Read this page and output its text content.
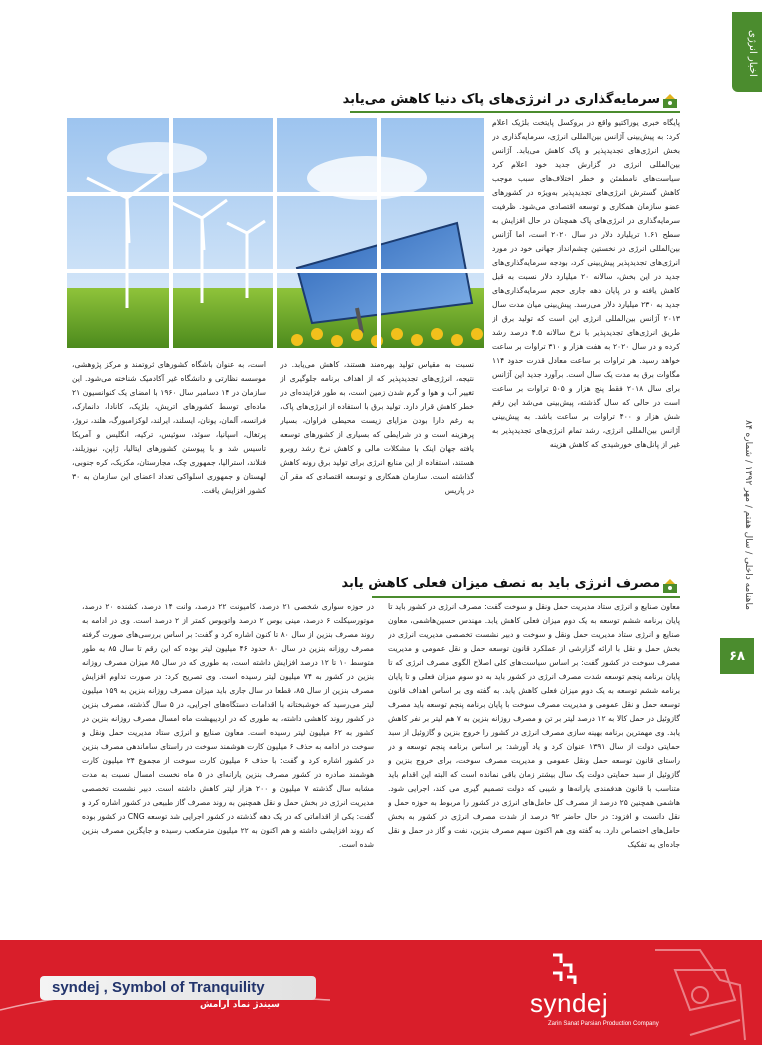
اخبار انرژی
ماهنامه داخلی / سال هفتم / مهر ۱۳۹۲ / شماره ۸۴
۶۸
سرمایه‌گذاری در انرژی‌های پاک دنیا کاهش می‌یابد
پایگاه خبری یوراکتیو واقع در بروکسل پایتخت بلژیک اعلام کرد: به پیش‌بینی آژانس بین‌المللی انرژی، سرمایه‌گذاری در بخش انرژی‌های تجدیدپذیر و پاک کاهش می‌یابد. آژانس بین‌المللی انرژی در گزارش جدید خود اعلام کرد سیاست‌های نامطمئن و خطر اختلاف‌های سبب موجب کاهش گسترش انرژی‌های تجدیدپذیر به‌ویژه در کشورهای عضو سازمان همکاری و توسعه اقتصادی می‌شود. ظرفیت سرمایه‌گذاری در انرژی‌های پاک همچنان در حال افزایش به سطح ۱.۶۱ تریلیارد دلار در سال ۲۰۲۰ است، اما آژانس بین‌المللی انرژی در نخستین چشم‌انداز جهانی خود در مورد انرژی‌های تجدیدپذیر پیش‌بینی کرد، بودجه سرمایه‌گذاری‌های جدید در این بخش، سالانه ۲۰ میلیارد دلار نسبت به قبل کاهش یافته و در پایان دهه جاری حجم سرمایه‌گذاری‌های جدید به ۲۳۰ میلیارد دلار می‌رسد. پیش‌بینی میان مدت سال ۲۰۱۳ آژانس بین‌المللی انرژی این است که تولید برق از طریق انرژی‌های تجدیدپذیر با نرخ سالانه ۴.۵ درصد رشد کرده و در سال ۲۰۲۰ به هفت هزار و ۳۱۰ تراوات بر ساعت خواهد رسید. هر تراوات بر ساعت معادل قدرت حدود ۱۱۴ مگاوات برق به مدت یک سال است. برآورد جدید این آژانس برای سال ۲۰۱۸ فقط پنج هزار و ۵۰۵ تراوات بر ساعت است در حالی که سال گذشته، پیش‌بینی می‌شد این رقم شش هزار و ۴۰۰ تراوات بر ساعت باشد. به پیش‌بینی آژانس بین‌المللی انرژی، رشد تمام انرژی‌های تجدیدپذیر به غیر از پانل‌های خورشیدی‌ که کاهش هزینه
نسبت به مقیاس تولید بهره‌مند هستند، کاهش می‌یابد. در نتیجه، انرژی‌های تجدیدپذیر که از اهداف برنامه جلوگیری از تغییر آب و هوا و گرم شدن زمین است، به طور فزاینده‌ای در خطر کاهش قرار دارد. تولید برق با استفاده از انرژی‌های پاک، به رغم دارا بودن مزایای زیست محیطی فراوان، بسیار پرهزینه است و در شرایطی که بسیاری از کشورهای توسعه یافته جهان اینک با مشکلات مالی و کاهش نرخ رشد روبرو هستند، استفاده از این منابع انرژی برای تولید برق رونه کاهش گذاشته است. سازمان همکاری و توسعه اقتصادی که مقر آن در پاریس
است، به عنوان باشگاه کشورهای ثروتمند و مرکز پژوهشی، موسسه نظارتی و دانشگاه غیر آکادمیک شناخته می‌شود. این سازمان در ۱۴ دسامبر سال ۱۹۶۰ با امضای یک کنوانسیون ۲۱ ماده‌ای توسط کشورهای اتریش، بلژیک، کانادا، دانمارک، فرانسه، آلمان، یونان، ایسلند، ایرلند، لوکزامبورگ، هلند، نروژ، پرتغال، اسپانیا، سوئد، سوئیس، ترکیه، انگلیس و آمریکا تاسیس شد و با پیوستن کشورهای ایتالیا، ژاپن، نیوزیلند، فنلاند، استرالیا، جمهوری چک، مجارستان، مکزیک، کره جنوبی، لهستان و جمهوری اسلواکی تعداد اعضای این سازمان به ۳۰ کشور افزایش یافت.
مصرف انرژی باید به نصف میزان فعلی کاهش یابد
معاون صنایع و انرژی ستاد مدیریت حمل ونقل و سوخت گفت: مصرف انرژی در کشور باید تا پایان برنامه ششم توسعه به یک دوم میزان فعلی کاهش یابد. مهندس حسین‌هاشمی، معاون صنایع و انرژی ستاد مدیریت حمل ونقل و سوخت و دبیر نشست تخصصی مدیریت انرژی در بخش حمل و نقل با ارائه گزارشی از عملکرد قانون توسعه حمل و نقل عمومی و مدیریت مصرف سوخت در کشور گفت: بر اساس سیاست‌های کلی اصلاح الگوی مصرف انرژی که تا پایان برنامه پنجم توسعه شدت مصرف انرژی در کشور باید به دو سوم میزان فعلی و تا پایان برنامه ششم توسعه به یک دوم میزان فعلی کاهش یابد. به گفته وی بر اساس اهداف قانون توسعه حمل و نقل عمومی و مدیریت مصرف سوخت با پایان برنامه پنجم توسعه باید مصرف گازوئیل در حمل کالا به ۱۲ درصد لیتر بر تن و مصرف روزانه بنزین به ۷ هم لیتر بر نفر کاهش یابد. وی مهمترین برنامه بهینه سازی مصرف انرژی در کشور را خروج بنزین و گازوئیل از سبد حمایتی دولت از سال ۱۳۹۱ عنوان کرد و یاد آورشد: بر اساس برنامه پنجم توسعه و در راستای قانون توسعه حمل ونقل عمومی و مدیریت مصرف سوخت، برای خروج بنزین و گازوئیل از سبد حمایتی دولت یک سال بیشتر زمان باقی نمانده است که البته این اقدام باید متناسب با قانون هدفمندی یارانه‌ها و شیبی که دولت تصمیم گیری می کند، اجرایی شود. هاشمی همچنین ۲۵ درصد از مصرف کل حامل‌های انرژی در کشور را مربوط به حوزه حمل و نقل دانست و افزود: در حال حاضر ۹۲ درصد از شدت مصرف انرژی در کشور به بخش حامل‌های اختصاص دارد. به گفته وی هم اکنون سهم مصرف بنزین، نفت و گاز در حمل و نقل جاده‌ای به تفکیک
در حوزه سواری شخصی ۲۱ درصد، کامیونت ۲۲ درصد، وانت ۱۴ درصد، کشنده ۲۰ درصد، موتورسیکلت ۶ درصد، مینی بوس ۲ درصد واتوبوس کمتر از ۲ درصد است. وی در ادامه به روند مصرف بنزین از سال ۸۰ تا کنون اشاره کرد و گفت: بر اساس بررسی‌های صورت گرفته مصرف روزانه بنزین در سال ۸۰ حدود ۴۶ میلیون لیتر بوده که این رقم تا سال ۸۵ به طور متوسط ۱۰ تا ۱۲ درصد افزایش داشته است، به طوری که در سال ۸۵ میزان مصرف روزانه بنزین در کشور به ۷۴ میلیون لیتر رسیده است. وی تصریح کرد: در صورت تداوم افزایش مصرف بنزین از سال ۸۵، قطعا در سال جاری باید میزان مصرف روزانه بنزین به ۱۵۹ میلیون لیتر می‌رسید که خوشبختانه با اقدامات دستگاه‌های اجرایی، در ۵ سال گذشته، مصرف بنزین در کشور روند کاهشی داشته، به طوری که در اردیبهشت ماه امسال مصرف روزانه بنزین در کشور به ۶۲ میلیون لیتر رسیده است. معاون صنایع و انرژی ستاد مدیریت حمل ونقل و سوخت در ادامه به حذف ۶ میلیون کارت هوشمند سوخت در راستای ساماندهی مصرف بنزین در کشور اشاره کرد و گفت: با حذف ۶ میلیون کارت سوخت از مجموع ۲۴ میلیون کارت هوشمند صادره در کشور مصرف بنزین یارانه‌ای در ۵ ماه نخست امسال نسبت به مدت مشابه سال گذشته ۷ میلیون و ۲۰۰ هزار لیتر کاهش داشته است. دبیر نشست تخصصی مدیریت انرژی در بخش حمل و نقل همچنین به روند مصرف گاز طبیعی در کشور اشاره کرد و گفت: یکی از اقداماتی که در یک دهه گذشته در کشور اجرایی شد توسعه CNG در کشور بوده که روند افزایشی داشته و هم اکنون به ۲۲ میلیون مترمکعب رسیده و جایگزین مصرف بنزین شده است.
syndej , Symbol of Tranquility
سیندژ نماد آرامش	syndej
Zarin Sanat Parsian Production Company
